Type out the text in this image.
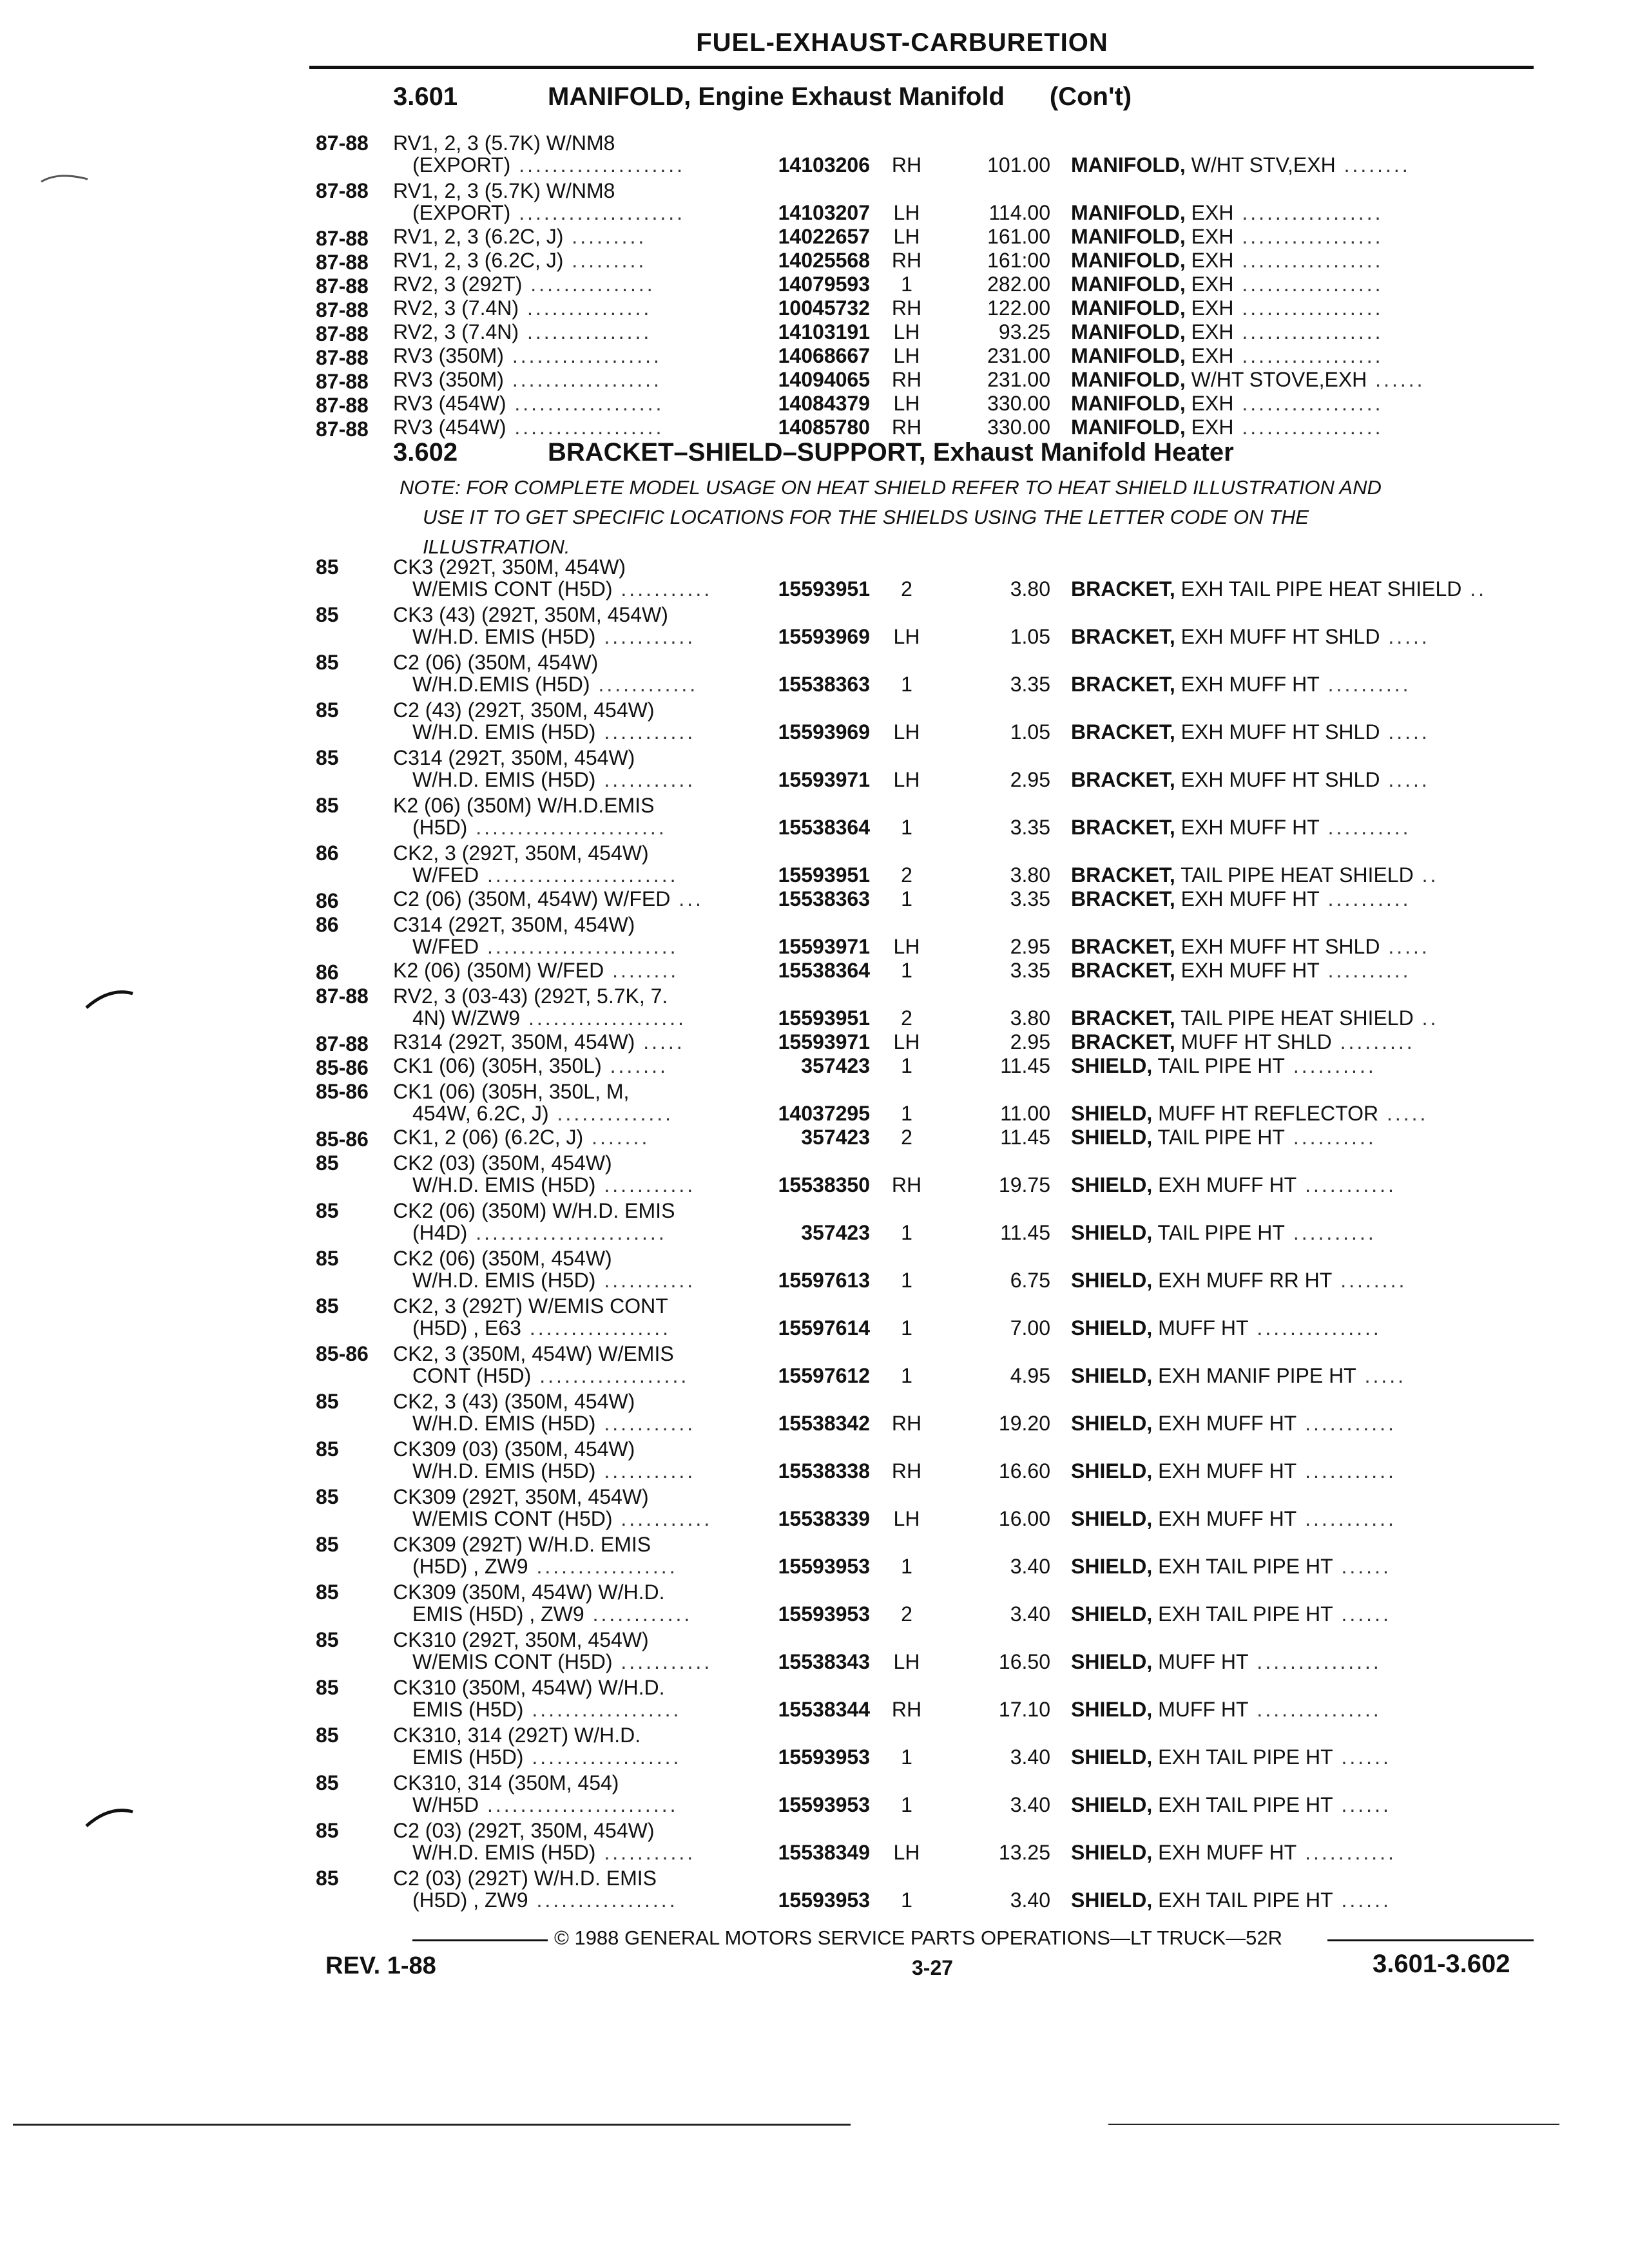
FUEL-EXHAUST-CARBURETION
3.601	MANIFOLD, Engine Exhaust Manifold (Con't)
3.602	BRACKET–SHIELD–SUPPORT, Exhaust Manifold Heater
NOTE: FOR COMPLETE MODEL USAGE ON HEAT SHIELD REFER TO HEAT SHIELD ILLUSTRATION AND
USE IT TO GET SPECIFIC LOCATIONS FOR THE SHIELDS USING THE LETTER CODE ON THE
ILLUSTRATION.
87-88 RV1, 2, 3 (5.7K) W/NM8
(EXPORT) ....................	14103206	RH	101.00 MANIFOLD, W/HT STV,EXH ........
87-88 RV1, 2, 3 (5.7K) W/NM8
(EXPORT) ....................	14103207	LH	114.00 MANIFOLD, EXH .................
87-88 RV1, 2, 3 (6.2C, J) .........	14022657	LH	161.00 MANIFOLD, EXH .................
87-88 RV1, 2, 3 (6.2C, J) .........	14025568	RH	161:00 MANIFOLD, EXH .................
87-88 RV2, 3 (292T) ...............	14079593	1	282.00 MANIFOLD, EXH .................
87-88 RV2, 3 (7.4N) ...............	10045732	RH	122.00 MANIFOLD, EXH .................
87-88 RV2, 3 (7.4N) ...............	14103191	LH	93.25 MANIFOLD, EXH .................
87-88 RV3 (350M) ..................	14068667	LH	231.00 MANIFOLD, EXH .................
87-88 RV3 (350M) ..................	14094065	RH	231.00 MANIFOLD, W/HT STOVE,EXH ......
87-88 RV3 (454W) ..................	14084379	LH	330.00 MANIFOLD, EXH .................
87-88 RV3 (454W) ..................	14085780	RH	330.00 MANIFOLD, EXH .................
85	CK3 (292T, 350M, 454W)
W/EMIS CONT (H5D) ...........	15593951	2	3.80 BRACKET, EXH TAIL PIPE HEAT SHIELD ..
85	CK3 (43) (292T, 350M, 454W)
W/H.D. EMIS (H5D) ...........	15593969	LH	1.05 BRACKET, EXH MUFF HT SHLD .....
85	C2 (06) (350M, 454W)
W/H.D.EMIS (H5D) ............	15538363	1	3.35 BRACKET, EXH MUFF HT ..........
85	C2 (43) (292T, 350M, 454W)
W/H.D. EMIS (H5D) ...........	15593969	LH	1.05 BRACKET, EXH MUFF HT SHLD .....
85	C314 (292T, 350M, 454W)
W/H.D. EMIS (H5D) ...........	15593971	LH	2.95 BRACKET, EXH MUFF HT SHLD .....
85	K2 (06) (350M) W/H.D.EMIS
(H5D) .......................	15538364	1	3.35 BRACKET, EXH MUFF HT ..........
86	CK2, 3 (292T, 350M, 454W)
W/FED .......................	15593951	2	3.80 BRACKET, TAIL PIPE HEAT SHIELD ..
86	C2 (06) (350M, 454W) W/FED ...	15538363	1	3.35 BRACKET, EXH MUFF HT ..........
86	C314 (292T, 350M, 454W)
W/FED .......................	15593971	LH	2.95 BRACKET, EXH MUFF HT SHLD .....
86	K2 (06) (350M) W/FED ........	15538364	1	3.35 BRACKET, EXH MUFF HT ..........
87-88 RV2, 3 (03-43) (292T, 5.7K, 7.
4N) W/ZW9 ...................	15593951	2	3.80 BRACKET, TAIL PIPE HEAT SHIELD ..
87-88 R314 (292T, 350M, 454W) .....	15593971	LH	2.95 BRACKET, MUFF HT SHLD .........
85-86 CK1 (06) (305H, 350L) .......	357423	1	11.45 SHIELD, TAIL PIPE HT ..........
85-86 CK1 (06) (305H, 350L, M,
454W, 6.2C, J) ..............	14037295	1	11.00 SHIELD, MUFF HT REFLECTOR .....
85-86 CK1, 2 (06) (6.2C, J) .......	357423	2	11.45 SHIELD, TAIL PIPE HT ..........
85	CK2 (03) (350M, 454W)
W/H.D. EMIS (H5D) ...........	15538350	RH	19.75 SHIELD, EXH MUFF HT ...........
85	CK2 (06) (350M) W/H.D. EMIS
(H4D) .......................	357423	1	11.45 SHIELD, TAIL PIPE HT ..........
85	CK2 (06) (350M, 454W)
W/H.D. EMIS (H5D) ...........	15597613	1	6.75 SHIELD, EXH MUFF RR HT ........
85	CK2, 3 (292T) W/EMIS CONT
(H5D) , E63 .................	15597614	1	7.00 SHIELD, MUFF HT ...............
85-86 CK2, 3 (350M, 454W) W/EMIS
CONT (H5D) ..................	15597612	1	4.95 SHIELD, EXH MANIF PIPE HT .....
85	CK2, 3 (43) (350M, 454W)
W/H.D. EMIS (H5D) ...........	15538342	RH	19.20 SHIELD, EXH MUFF HT ...........
85	CK309 (03) (350M, 454W)
W/H.D. EMIS (H5D) ...........	15538338	RH	16.60 SHIELD, EXH MUFF HT ...........
85	CK309 (292T, 350M, 454W)
W/EMIS CONT (H5D) ...........	15538339	LH	16.00 SHIELD, EXH MUFF HT ...........
85	CK309 (292T) W/H.D. EMIS
(H5D) , ZW9 .................	15593953	1	3.40 SHIELD, EXH TAIL PIPE HT ......
85	CK309 (350M, 454W) W/H.D.
EMIS (H5D) , ZW9 ............	15593953	2	3.40 SHIELD, EXH TAIL PIPE HT ......
85	CK310 (292T, 350M, 454W)
W/EMIS CONT (H5D) ...........	15538343	LH	16.50 SHIELD, MUFF HT ...............
85	CK310 (350M, 454W) W/H.D.
EMIS (H5D) ..................	15538344	RH	17.10 SHIELD, MUFF HT ...............
85	CK310, 314 (292T) W/H.D.
EMIS (H5D) ..................	15593953	1	3.40 SHIELD, EXH TAIL PIPE HT ......
85	CK310, 314 (350M, 454)
W/H5D .......................	15593953	1	3.40 SHIELD, EXH TAIL PIPE HT ......
85	C2 (03) (292T, 350M, 454W)
W/H.D. EMIS (H5D) ...........	15538349	LH	13.25 SHIELD, EXH MUFF HT ...........
85	C2 (03) (292T) W/H.D. EMIS
(H5D) , ZW9 .................	15593953	1	3.40 SHIELD, EXH TAIL PIPE HT ......
© 1988 GENERAL MOTORS SERVICE PARTS OPERATIONS—LT TRUCK—52R
REV. 1-88	3-27	3.601-3.602
